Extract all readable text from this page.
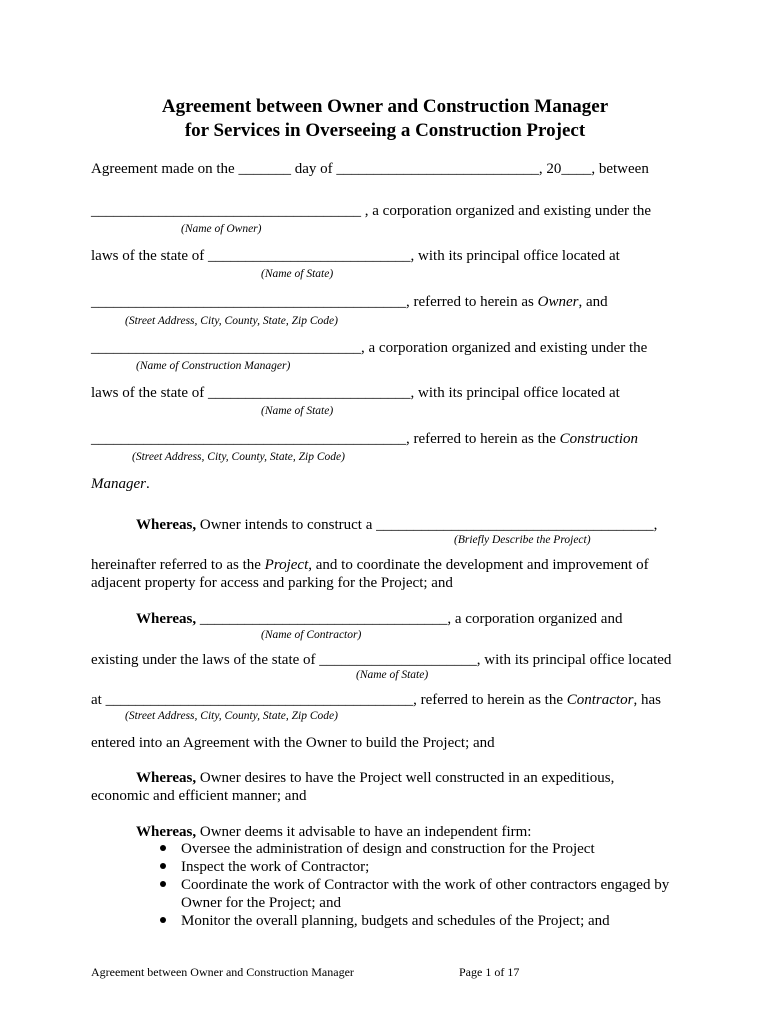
Agreement between Owner and Construction Manager
for Services in Overseeing a Construction Project
Agreement made on the _______ day of ___________________________, 20____, between
____________________________________ , a corporation organized and existing under the
(Name of Owner)
laws of the state of ___________________________, with its principal office located at
(Name of State)
__________________________________________, referred to herein as Owner, and
(Street Address, City, County, State, Zip Code)
____________________________________, a corporation organized and existing under the
(Name of Construction Manager)
laws of the state of ___________________________, with its principal office located at
(Name of State)
__________________________________________, referred to herein as the Construction
(Street Address, City, County, State, Zip Code)
Manager.
Whereas, Owner intends to construct a _____________________________________,
(Briefly Describe the Project)
hereinafter referred to as the Project, and to coordinate the development and improvement of
adjacent property for access and parking for the Project; and
Whereas, _________________________________, a corporation organized and
(Name of Contractor)
existing under the laws of the state of _____________________, with its principal office located
(Name of State)
at _________________________________________, referred to herein as the Contractor, has
(Street Address, City, County, State, Zip Code)
entered into an Agreement with the Owner to build the Project; and
Whereas, Owner desires to have the Project well constructed in an expeditious,
economic and efficient manner; and
Whereas, Owner deems it advisable to have an independent firm:
Oversee the administration of design and construction for the Project
Inspect the work of Contractor;
Coordinate the work of Contractor with the work of other contractors engaged by
Owner for the Project; and
Monitor the overall planning, budgets and schedules of the Project; and
Agreement between Owner and Construction Manager	Page 1 of 17
